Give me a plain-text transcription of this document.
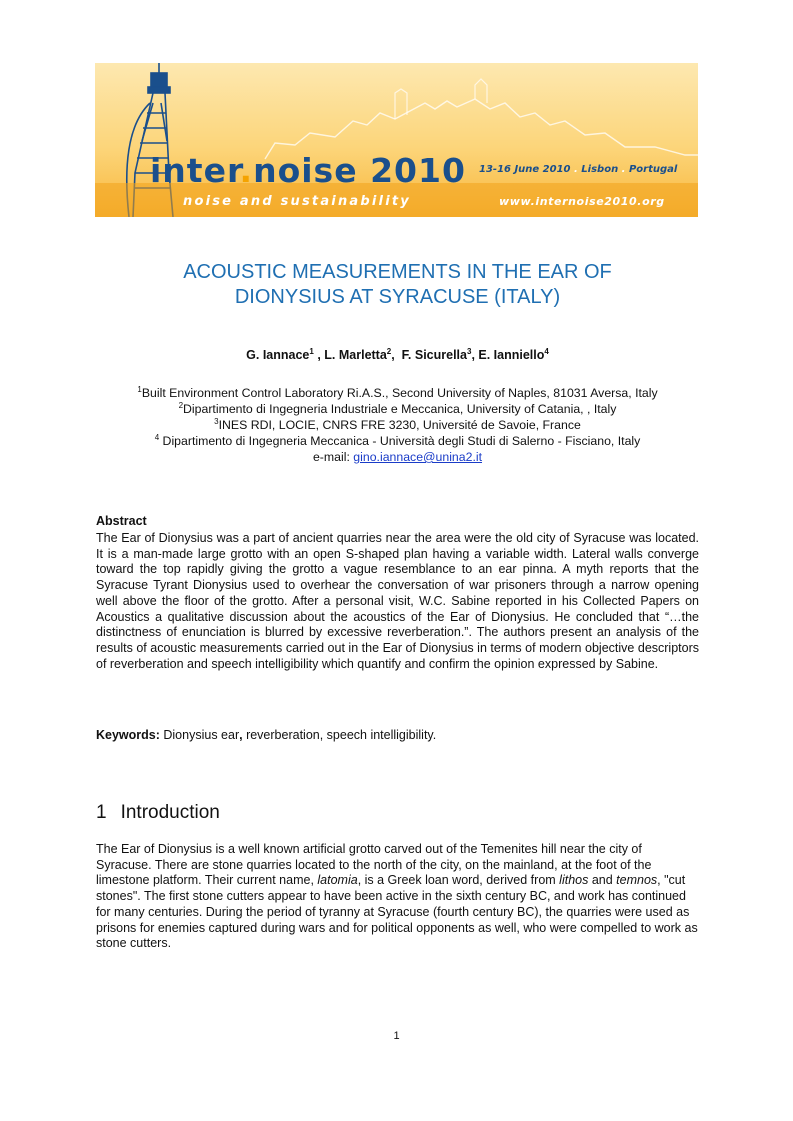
inter.noise 2010
noise and sustainability
13-16 June 2010 . Lisbon . Portugal
www.internoise2010.org
ACOUSTIC MEASUREMENTS IN THE EAR OF
DIONYSIUS AT SYRACUSE (ITALY)
G. Iannace$^1$ , L. Marletta$^2$,  F. Sicurella$^3$, E. Ianniello$^4$
$^1$Built Environment Control Laboratory Ri.A.S., Second University of Naples, 81031 Aversa, Italy
$^2$Dipartimento di Ingegneria Industriale e Meccanica, University of Catania, , Italy
$^3$INES RDI, LOCIE, CNRS FRE 3230, Université de Savoie, France
$^4$ Dipartimento di Ingegneria Meccanica - Università degli Studi di Salerno - Fisciano, Italy
e-mail: gino.iannace@unina2.it
Abstract

The Ear of Dionysius was a part of ancient quarries near the area were the old city of Syracuse was located. It is a man-made large grotto with an open S-shaped plan having a variable width. Lateral walls converge toward the top rapidly giving the grotto a vague resemblance to an ear pinna. A myth reports that the Syracuse Tyrant Dionysius used to overhear the conversation of war prisoners through a narrow opening well above the floor of the grotto. After a personal visit, W.C. Sabine reported in his Collected Papers on Acoustics a qualitative discussion about the acoustics of the Ear of Dionysius. He concluded that “…the distinctness of enunciation is blurred by excessive reverberation.”. The authors present an analysis of the results of acoustic measurements carried out in the Ear of Dionysius in terms of modern objective descriptors of reverberation and speech intelligibility which quantify and confirm the opinion expressed by Sabine.

Keywords: Dionysius ear, reverberation, speech intelligibility.

1 Introduction

The Ear of Dionysius is a well known artificial grotto carved out of the Temenites hill near the city of Syracuse. There are stone quarries located to the north of the city, on the mainland, at the foot of the limestone platform. Their current name, latomia, is a Greek loan word, derived from lithos and temnos, "cut stones". The first stone cutters appear to have been active in the sixth century BC, and work has continued for many centuries. During the period of tyranny at Syracuse (fourth century BC), the quarries were used as prisons for enemies captured during wars and for political opponents as well, who were compelled to work as stone cutters.

1
